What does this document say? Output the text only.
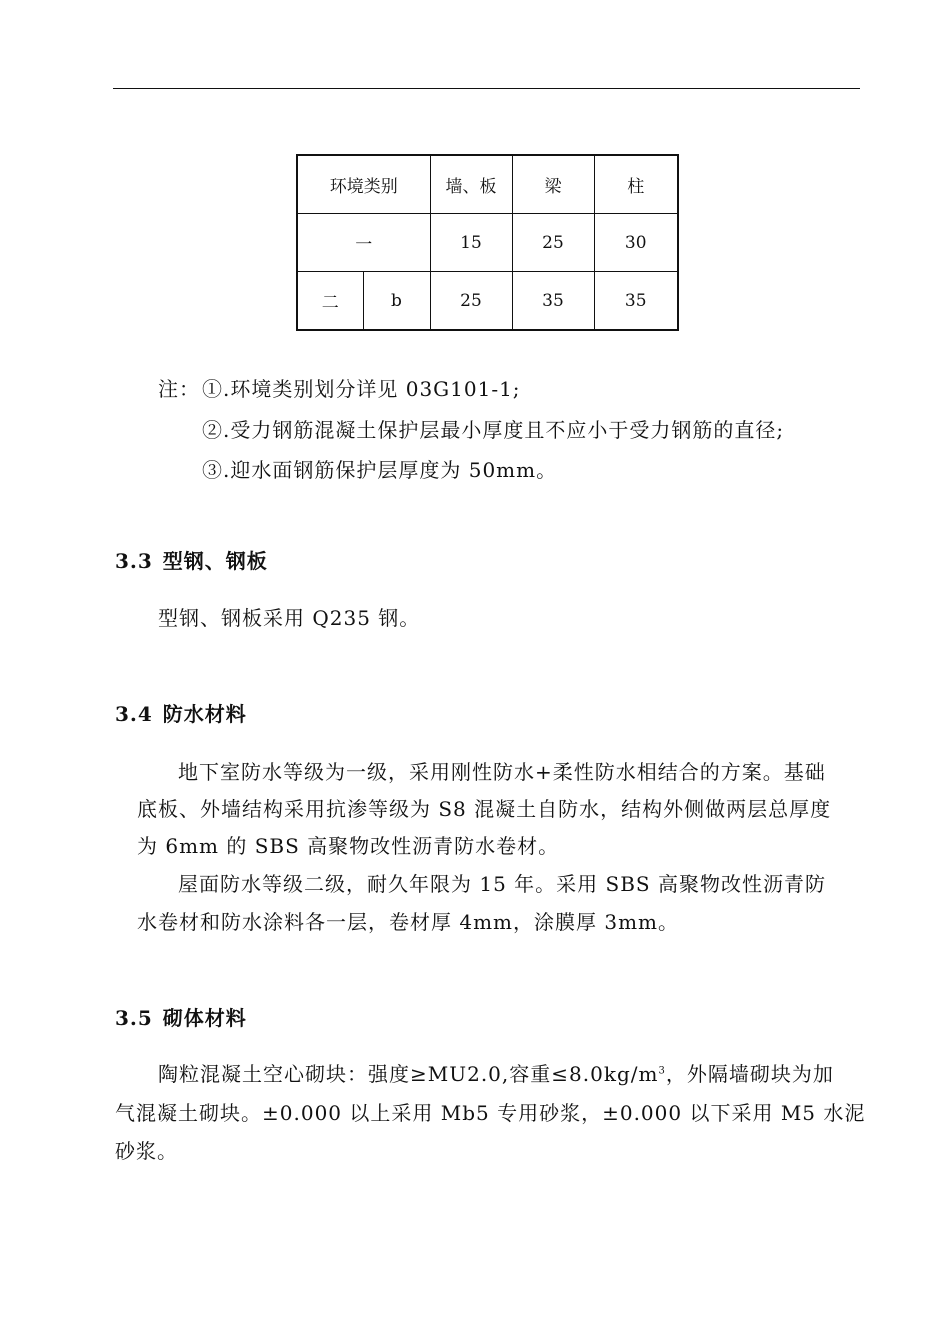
环境类别		墙、板	梁	柱
一		15	25	30
二	b	25	35	35
注： ①.环境类别划分详见 03G101-1;
②.受力钢筋混凝土保护层最小厚度且不应小于受力钢筋的直径;
③.迎水面钢筋保护层厚度为 50mm。
3.3 型钢、钢板
型钢、钢板采用 Q235 钢。
3.4 防水材料
地下室防水等级为一级，采用刚性防水+柔性防水相结合的方案。基础
底板、外墙结构采用抗渗等级为 S8 混凝土自防水，结构外侧做两层总厚度
为 6mm 的 SBS 高聚物改性沥青防水卷材。
屋面防水等级二级，耐久年限为 15 年。采用 SBS 高聚物改性沥青防
水卷材和防水涂料各一层，卷材厚 4mm，涂膜厚 3mm。
3.5 砌体材料
陶粒混凝土空心砌块：强度≥MU2.0,容重$\le 8.0kg/m^3$，外隔墙砌块为加
气混凝土砌块。±0.000 以上采用 Mb5 专用砂浆，±0.000 以下采用 M5 水泥
砂浆。
